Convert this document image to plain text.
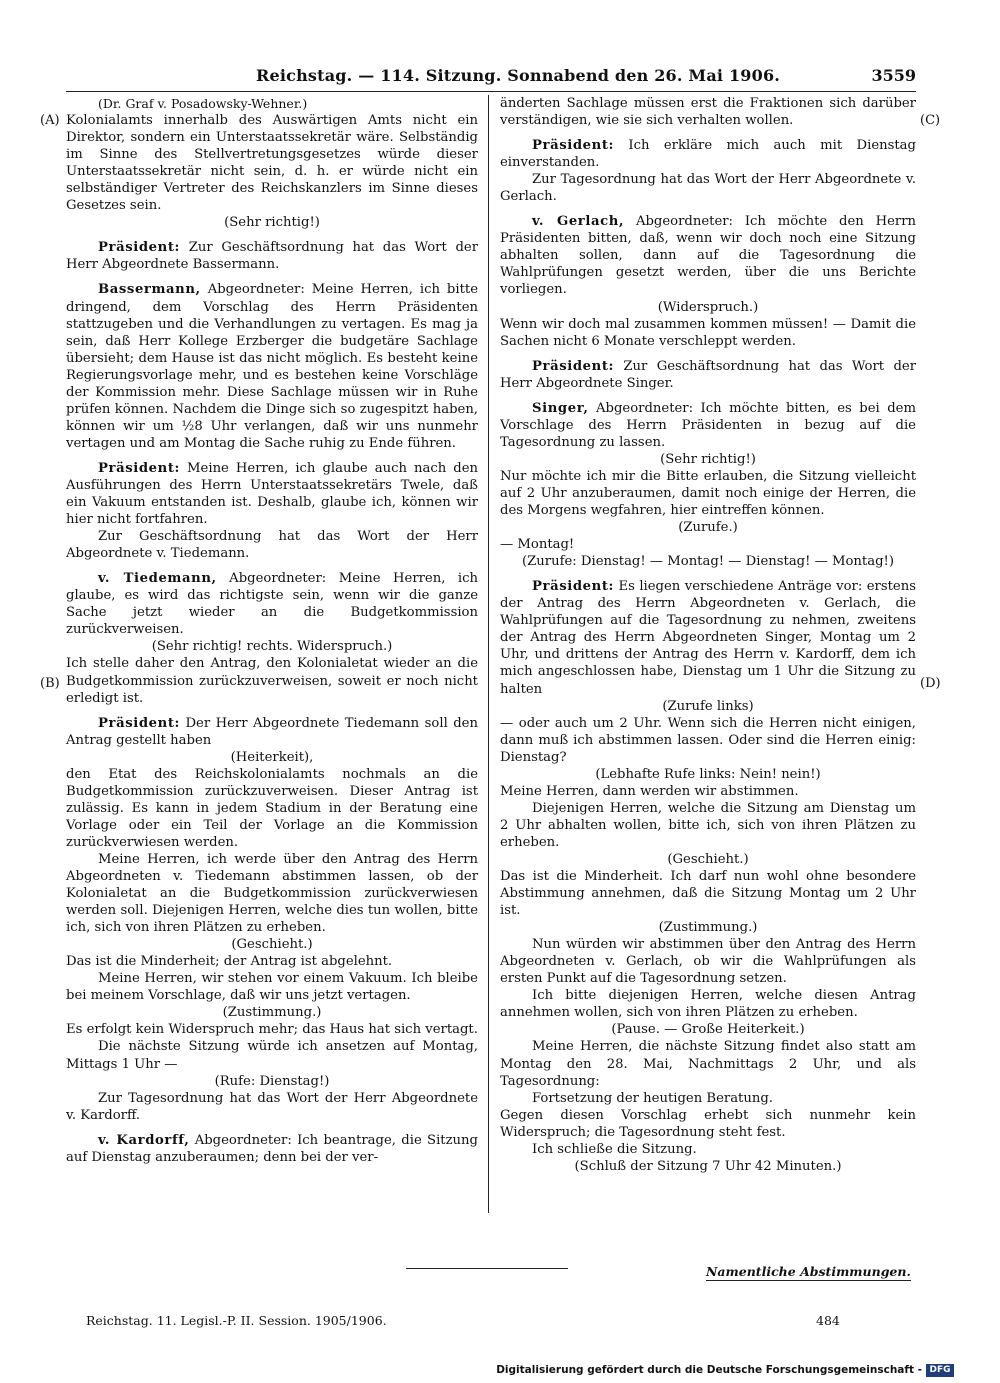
Reichstag. — 114. Sitzung. Sonnabend den 26. Mai 1906.	3559

(Dr. Graf v. Posadowsky-Wehner.)

Kolonialamts innerhalb des Auswärtigen Amts nicht ein Direktor, sondern ein Unterstaatssekretär wäre. Selbständig im Sinne des Stellvertretungsgesetzes würde dieser Unterstaatssekretär nicht sein, d. h. er würde nicht ein selbständiger Vertreter des Reichskanzlers im Sinne dieses Gesetzes sein.

(Sehr richtig!)

Präsident: Zur Geschäftsordnung hat das Wort der Herr Abgeordnete Bassermann.

Bassermann, Abgeordneter: Meine Herren, ich bitte dringend, dem Vorschlag des Herrn Präsidenten stattzugeben und die Verhandlungen zu vertagen. Es mag ja sein, daß Herr Kollege Erzberger die budgetäre Sachlage übersieht; dem Hause ist das nicht möglich. Es besteht keine Regierungsvorlage mehr, und es bestehen keine Vorschläge der Kommission mehr. Diese Sachlage müssen wir in Ruhe prüfen können. Nachdem die Dinge sich so zugespitzt haben, können wir um ½8 Uhr verlangen, daß wir uns nunmehr vertagen und am Montag die Sache ruhig zu Ende führen.

Präsident: Meine Herren, ich glaube auch nach den Ausführungen des Herrn Unterstaatssekretärs Twele, daß ein Vakuum entstanden ist. Deshalb, glaube ich, können wir hier nicht fortfahren.

Zur Geschäftsordnung hat das Wort der Herr Abgeordnete v. Tiedemann.

v. Tiedemann, Abgeordneter: Meine Herren, ich glaube, es wird das richtigste sein, wenn wir die ganze Sache jetzt wieder an die Budgetkommission zurückverweisen.

(Sehr richtig! rechts. Widerspruch.)

Ich stelle daher den Antrag, den Kolonialetat wieder an die Budgetkommission zurückzuverweisen, soweit er noch nicht erledigt ist.

Präsident: Der Herr Abgeordnete Tiedemann soll den Antrag gestellt haben

(Heiterkeit),

den Etat des Reichskolonialamts nochmals an die Budgetkommission zurückzuverweisen. Dieser Antrag ist zulässig. Es kann in jedem Stadium in der Beratung eine Vorlage oder ein Teil der Vorlage an die Kommission zurückverwiesen werden.

Meine Herren, ich werde über den Antrag des Herrn Abgeordneten v. Tiedemann abstimmen lassen, ob der Kolonialetat an die Budgetkommission zurückverwiesen werden soll. Diejenigen Herren, welche dies tun wollen, bitte ich, sich von ihren Plätzen zu erheben.

(Geschieht.)

Das ist die Minderheit; der Antrag ist abgelehnt.

Meine Herren, wir stehen vor einem Vakuum. Ich bleibe bei meinem Vorschlage, daß wir uns jetzt vertagen.

(Zustimmung.)

Es erfolgt kein Widerspruch mehr; das Haus hat sich vertagt.

Die nächste Sitzung würde ich ansetzen auf Montag, Mittags 1 Uhr —

(Rufe: Dienstag!)

Zur Tagesordnung hat das Wort der Herr Abgeordnete v. Kardorff.

v. Kardorff, Abgeordneter: Ich beantrage, die Sitzung auf Dienstag anzuberaumen; denn bei der ver-

änderten Sachlage müssen erst die Fraktionen sich darüber verständigen, wie sie sich verhalten wollen.

Präsident: Ich erkläre mich auch mit Dienstag einverstanden.

Zur Tagesordnung hat das Wort der Herr Abgeordnete v. Gerlach.

v. Gerlach, Abgeordneter: Ich möchte den Herrn Präsidenten bitten, daß, wenn wir doch noch eine Sitzung abhalten sollen, dann auf die Tagesordnung die Wahlprüfungen gesetzt werden, über die uns Berichte vorliegen.

(Widerspruch.)

Wenn wir doch mal zusammen kommen müssen! — Damit die Sachen nicht 6 Monate verschleppt werden.

Präsident: Zur Geschäftsordnung hat das Wort der Herr Abgeordnete Singer.

Singer, Abgeordneter: Ich möchte bitten, es bei dem Vorschlage des Herrn Präsidenten in bezug auf die Tagesordnung zu lassen.

(Sehr richtig!)

Nur möchte ich mir die Bitte erlauben, die Sitzung vielleicht auf 2 Uhr anzuberaumen, damit noch einige der Herren, die des Morgens wegfahren, hier eintreffen können.

(Zurufe.)

— Montag!

(Zurufe: Dienstag! — Montag! — Dienstag! — Montag!)

Präsident: Es liegen verschiedene Anträge vor: erstens der Antrag des Herrn Abgeordneten v. Gerlach, die Wahlprüfungen auf die Tagesordnung zu nehmen, zweitens der Antrag des Herrn Abgeordneten Singer, Montag um 2 Uhr, und drittens der Antrag des Herrn v. Kardorff, dem ich mich angeschlossen habe, Dienstag um 1 Uhr die Sitzung zu halten

(Zurufe links)

— oder auch um 2 Uhr. Wenn sich die Herren nicht einigen, dann muß ich abstimmen lassen. Oder sind die Herren einig: Dienstag?

(Lebhafte Rufe links: Nein! nein!)

Meine Herren, dann werden wir abstimmen.

Diejenigen Herren, welche die Sitzung am Dienstag um 2 Uhr abhalten wollen, bitte ich, sich von ihren Plätzen zu erheben.

(Geschieht.)

Das ist die Minderheit. Ich darf nun wohl ohne besondere Abstimmung annehmen, daß die Sitzung Montag um 2 Uhr ist.

(Zustimmung.)

Nun würden wir abstimmen über den Antrag des Herrn Abgeordneten v. Gerlach, ob wir die Wahlprüfungen als ersten Punkt auf die Tagesordnung setzen.

Ich bitte diejenigen Herren, welche diesen Antrag annehmen wollen, sich von ihren Plätzen zu erheben.

(Pause. — Große Heiterkeit.)

Meine Herren, die nächste Sitzung findet also statt am Montag den 28. Mai, Nachmittags 2 Uhr, und als Tagesordnung:

Fortsetzung der heutigen Beratung.

Gegen diesen Vorschlag erhebt sich nunmehr kein Widerspruch; die Tagesordnung steht fest.

Ich schließe die Sitzung.

(Schluß der Sitzung 7 Uhr 42 Minuten.)

(A)
(B)
(C)
(D)
Namentliche Abstimmungen.
Reichstag. 11. Legisl.-P. II. Session. 1905/1906.	484
Digitalisierung gefördert durch die Deutsche Forschungsgemeinschaft - DFG
